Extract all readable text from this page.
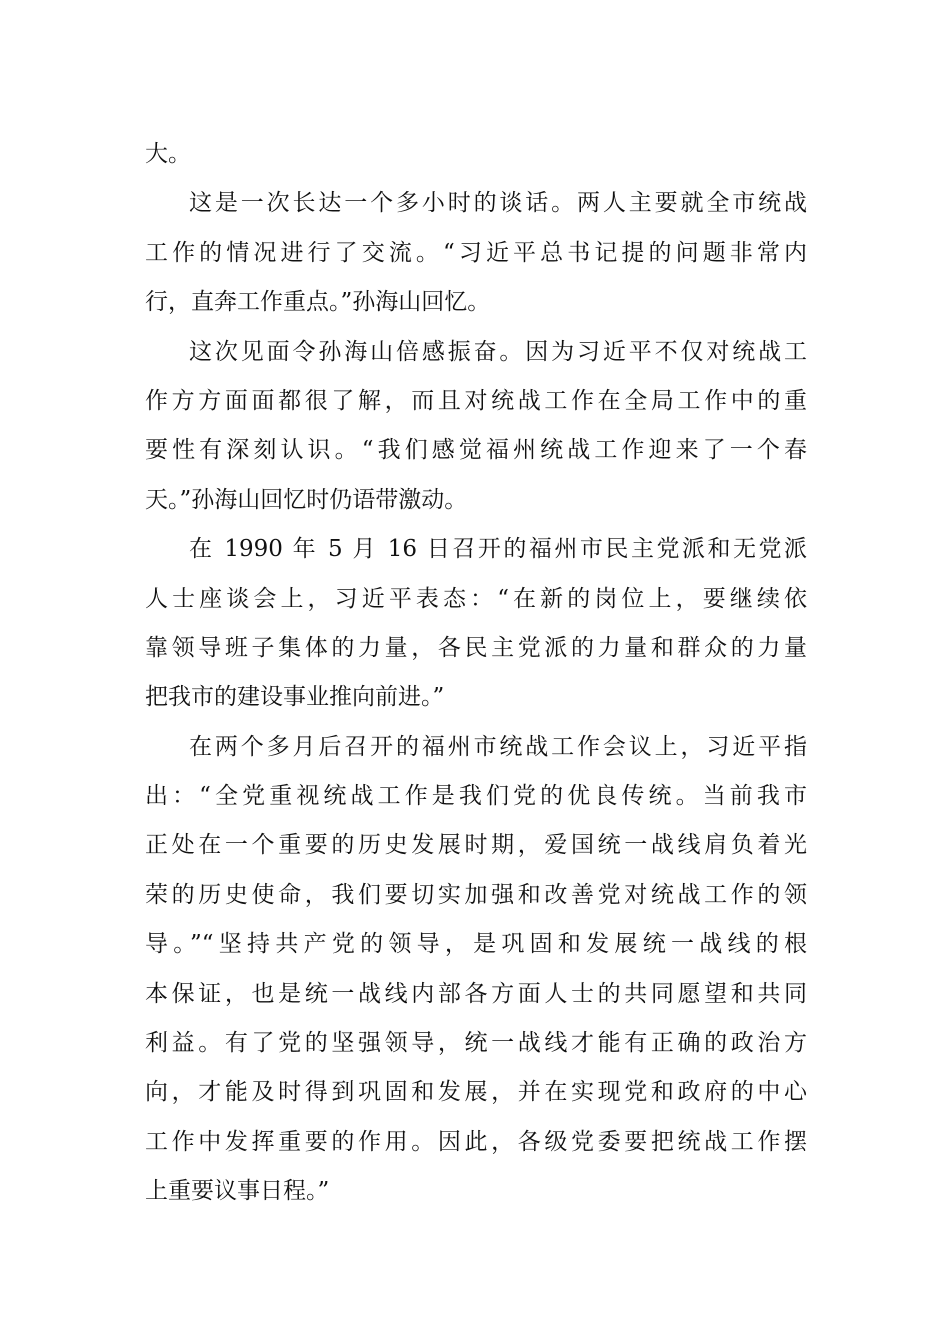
大。
这是一次长达一个多小时的谈话。两人主要就全市统战
工作的情况进行了交流。“习近平总书记提的问题非常内
行，直奔工作重点。”孙海山回忆。
这次见面令孙海山倍感振奋。因为习近平不仅对统战工
作方方面面都很了解，而且对统战工作在全局工作中的重
要性有深刻认识。“我们感觉福州统战工作迎来了一个春
天。”孙海山回忆时仍语带激动。
在 1990 年 5 月 16 日召开的福州市民主党派和无党派
人士座谈会上，习近平表态：“在新的岗位上，要继续依
靠领导班子集体的力量，各民主党派的力量和群众的力量
把我市的建设事业推向前进。”
在两个多月后召开的福州市统战工作会议上，习近平指
出：“全党重视统战工作是我们党的优良传统。当前我市
正处在一个重要的历史发展时期，爱国统一战线肩负着光
荣的历史使命，我们要切实加强和改善党对统战工作的领
导。”“坚持共产党的领导，是巩固和发展统一战线的根
本保证，也是统一战线内部各方面人士的共同愿望和共同
利益。有了党的坚强领导，统一战线才能有正确的政治方
向，才能及时得到巩固和发展，并在实现党和政府的中心
工作中发挥重要的作用。因此，各级党委要把统战工作摆
上重要议事日程。”
